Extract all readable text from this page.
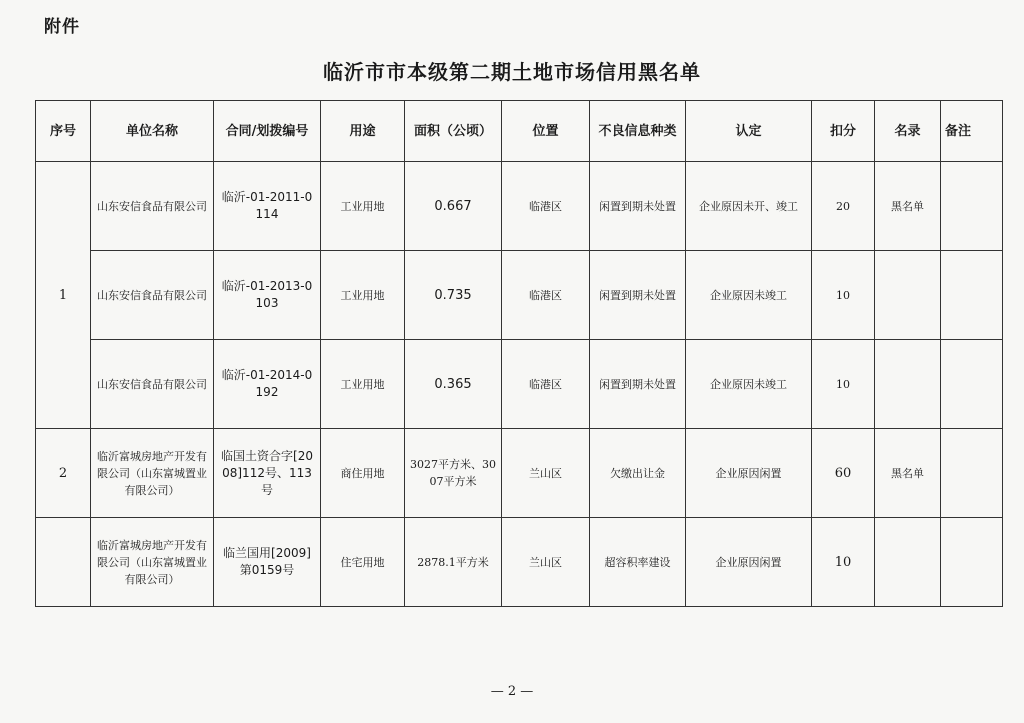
附件
临沂市市本级第二期土地市场信用黑名单
序号	单位名称	合同/划拨编号	用途	面积（公顷）	位置	不良信息种类	认定	扣分	名录	备注
1	山东安信食品有限公司	临沂-01-2011-0114	工业用地	0.667	临港区	闲置到期未处置	企业原因未开、竣工	20	黑名单	
	山东安信食品有限公司	临沂-01-2013-0103	工业用地	0.735	临港区	闲置到期未处置	企业原因未竣工	10		
	山东安信食品有限公司	临沂-01-2014-0192	工业用地	0.365	临港区	闲置到期未处置	企业原因未竣工	10		
2	临沂富城房地产开发有限公司（山东富城置业有限公司）	临国土资合字[2008]112号、113号	商住用地	3027平方米、3007平方米	兰山区	欠缴出让金	企业原因闲置	60	黑名单	
	临沂富城房地产开发有限公司（山东富城置业有限公司）	临兰国用[2009]第0159号	住宅用地	2878.1平方米	兰山区	超容积率建设	企业原因闲置	10		
— 2 —
